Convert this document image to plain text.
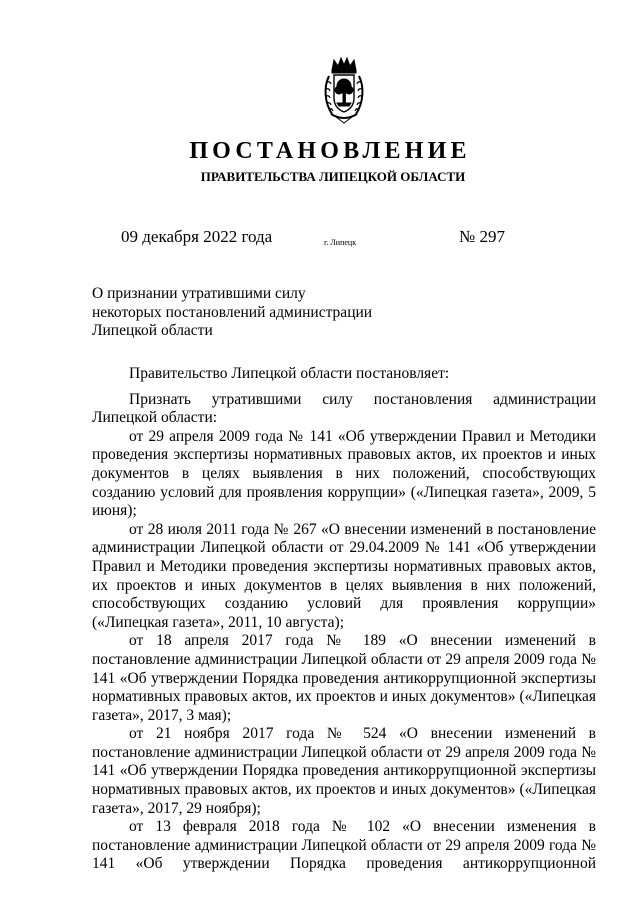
ПОСТАНОВЛЕНИЕ
ПРАВИТЕЛЬСТВА ЛИПЕЦКОЙ ОБЛАСТИ
09 декабря 2022 года	г. Липецк	№ 297
О признании утратившими силу
некоторых постановлений администрации
Липецкой области

Правительство Липецкой области постановляет:

Признать утратившими силу постановления администрации Липецкой области:

от 29 апреля 2009 года № 141 «Об утверждении Правил и Методики проведения экспертизы нормативных правовых актов, их проектов и иных документов в целях выявления в них положений, способствующих созданию условий для проявления коррупции» («Липецкая газета», 2009, 5 июня);

от 28 июля 2011 года № 267 «О внесении изменений в постановление администрации Липецкой области от 29.04.2009 № 141 «Об утверждении Правил и Методики проведения экспертизы нормативных правовых актов, их проектов и иных документов в целях выявления в них положений, способствующих созданию условий для проявления коррупции» («Липецкая газета», 2011, 10 августа);

от 18 апреля 2017 года № 189 «О внесении изменений в постановление администрации Липецкой области от 29 апреля 2009 года № 141 «Об утверждении Порядка проведения антикоррупционной экспертизы нормативных правовых актов, их проектов и иных документов» («Липецкая газета», 2017, 3 мая);

от 21 ноября 2017 года № 524 «О внесении изменений в постановление администрации Липецкой области от 29 апреля 2009 года № 141 «Об утверждении Порядка проведения антикоррупционной экспертизы нормативных правовых актов, их проектов и иных документов» («Липецкая газета», 2017, 29 ноября);

от 13 февраля 2018 года № 102 «О внесении изменения в постановление администрации Липецкой области от 29 апреля 2009 года № 141 «Об утверждении Порядка проведения антикоррупционной
